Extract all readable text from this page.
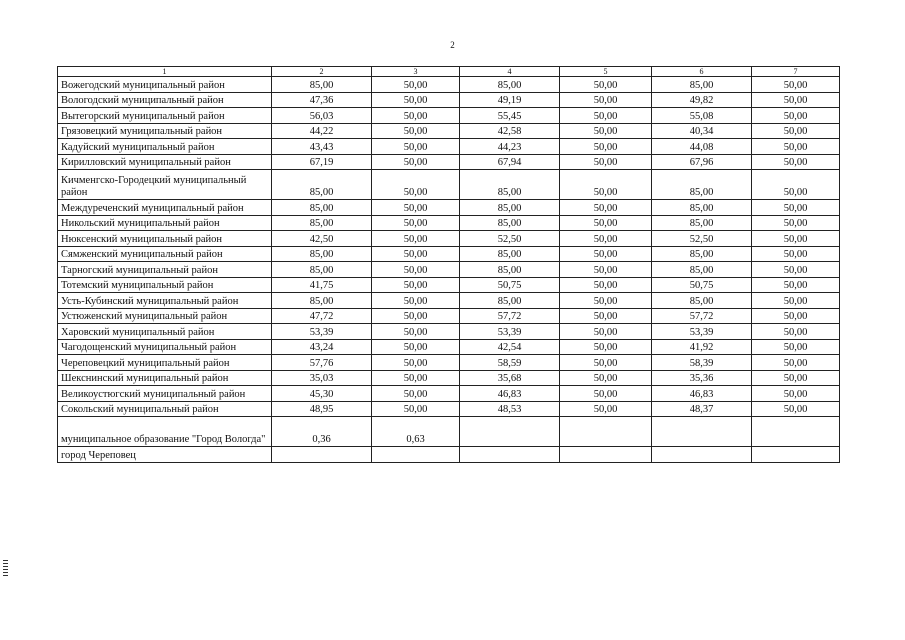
2
1	2	3	4	5	6	7
Вожегодский муниципальный район	85,00	50,00	85,00	50,00	85,00	50,00
Вологодский муниципальный район	47,36	50,00	49,19	50,00	49,82	50,00
Вытегорский муниципальный район	56,03	50,00	55,45	50,00	55,08	50,00
Грязовецкий муниципальный район	44,22	50,00	42,58	50,00	40,34	50,00
Кадуйский муниципальный район	43,43	50,00	44,23	50,00	44,08	50,00
Кирилловский муниципальный район	67,19	50,00	67,94	50,00	67,96	50,00
Кичменгско-Городецкий муниципальный район	85,00	50,00	85,00	50,00	85,00	50,00
Междуреченский муниципальный район	85,00	50,00	85,00	50,00	85,00	50,00
Никольский муниципальный район	85,00	50,00	85,00	50,00	85,00	50,00
Нюксенский муниципальный район	42,50	50,00	52,50	50,00	52,50	50,00
Сямженский муниципальный район	85,00	50,00	85,00	50,00	85,00	50,00
Тарногский муниципальный район	85,00	50,00	85,00	50,00	85,00	50,00
Тотемский муниципальный район	41,75	50,00	50,75	50,00	50,75	50,00
Усть-Кубинский муниципальный район	85,00	50,00	85,00	50,00	85,00	50,00
Устюженский муниципальный район	47,72	50,00	57,72	50,00	57,72	50,00
Харовский муниципальный район	53,39	50,00	53,39	50,00	53,39	50,00
Чагодощенский муниципальный район	43,24	50,00	42,54	50,00	41,92	50,00
Череповецкий муниципальный район	57,76	50,00	58,59	50,00	58,39	50,00
Шекснинский муниципальный район	35,03	50,00	35,68	50,00	35,36	50,00
Великоустюгский муниципальный район	45,30	50,00	46,83	50,00	46,83	50,00
Сокольский муниципальный район	48,95	50,00	48,53	50,00	48,37	50,00
муниципальное образование "Город Вологда"	0,36	0,63				
город Череповец						
